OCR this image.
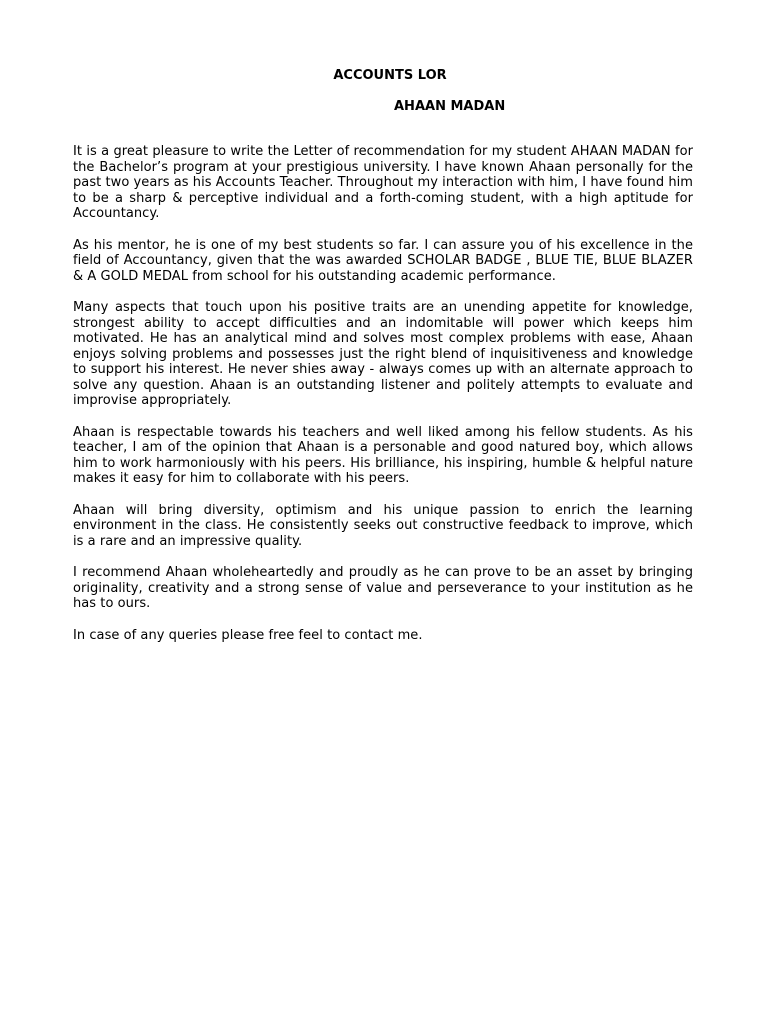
ACCOUNTS LOR
AHAAN MADAN

It is a great pleasure to write the Letter of recommendation for my student AHAAN MADAN for the Bachelor’s program at your prestigious university. I have known Ahaan personally for the past two years as his Accounts Teacher. Throughout my interaction with him, I have found him to be a sharp & perceptive individual and a forth-coming student, with a high aptitude for Accountancy.

As his mentor, he is one of my best students so far. I can assure you of his excellence in the field of Accountancy, given that the was awarded SCHOLAR BADGE , BLUE TIE, BLUE BLAZER & A GOLD MEDAL from school for his outstanding academic performance.

Many aspects that touch upon his positive traits are an unending appetite for knowledge, strongest ability to accept difficulties and an indomitable will power which keeps him motivated. He has an analytical mind and solves most complex problems with ease, Ahaan enjoys solving problems and possesses just the right blend of inquisitiveness and knowledge to support his interest. He never shies away - always comes up with an alternate approach to solve any question. Ahaan is an outstanding listener and politely attempts to evaluate and improvise appropriately.

Ahaan is respectable towards his teachers and well liked among his fellow students. As his teacher, I am of the opinion that Ahaan is a personable and good natured boy, which allows him to work harmoniously with his peers. His brilliance, his inspiring, humble & helpful nature makes it easy for him to collaborate with his peers.

Ahaan will bring diversity, optimism and his unique passion to enrich the learning environment in the class. He consistently seeks out constructive feedback to improve, which is a rare and an impressive quality.

I recommend Ahaan wholeheartedly and proudly as he can prove to be an asset by bringing originality, creativity and a strong sense of value and perseverance to your institution as he has to ours.

In case of any queries please free feel to contact me.
